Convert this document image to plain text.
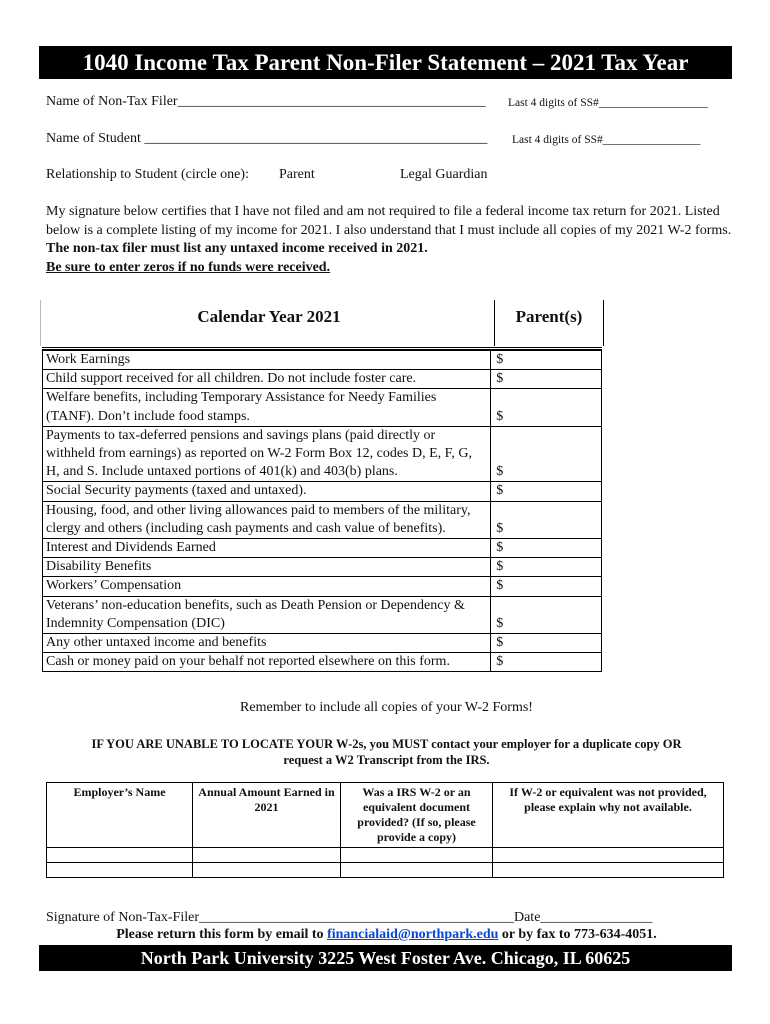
1040 Income Tax Parent Non-Filer Statement – 2021 Tax Year
Name of Non-Tax Filer____________________________________________ Last 4 digits of SS#___________________
Name of Student _________________________________________________ Last 4 digits of SS#_________________
Relationship to Student (circle one): Parent	Legal Guardian
My signature below certifies that I have not filed and am not required to file a federal income tax return for 2021. Listed below is a complete listing of my income for 2021. I also understand that I must include all copies of my 2021 W-2 forms.
The non-tax filer must list any untaxed income received in 2021.
Be sure to enter zeros if no funds were received.
Calendar Year 2021	Parent(s)
Work Earnings	$
Child support received for all children. Do not include foster care.	$
Welfare benefits, including Temporary Assistance for Needy Families (TANF). Don’t include food stamps.	$
Payments to tax-deferred pensions and savings plans (paid directly or withheld from earnings) as reported on W-2 Form Box 12, codes D, E, F, G, H, and S. Include untaxed portions of 401(k) and 403(b) plans.	$
Social Security payments (taxed and untaxed).	$
Housing, food, and other living allowances paid to members of the military, clergy and others (including cash payments and cash value of benefits).	$
Interest and Dividends Earned	$
Disability Benefits	$
Workers’ Compensation	$
Veterans’ non-education benefits, such as Death Pension or Dependency & Indemnity Compensation (DIC)	$
Any other untaxed income and benefits	$
Cash or money paid on your behalf not reported elsewhere on this form.	$
Remember to include all copies of your W-2 Forms!
IF YOU ARE UNABLE TO LOCATE YOUR W-2s, you MUST contact your employer for a duplicate copy OR
request a W2 Transcript from the IRS.
Employer’s Name	Annual Amount Earned in 2021	Was a IRS W-2 or an equivalent document provided? (If so, please provide a copy)	If W-2 or equivalent was not provided, please explain why not available.

Signature of Non-Tax-Filer_____________________________________________Date________________
Please return this form by email to financialaid@northpark.edu or by fax to 773-634-4051.
North Park University 3225 West Foster Ave. Chicago, IL 60625
